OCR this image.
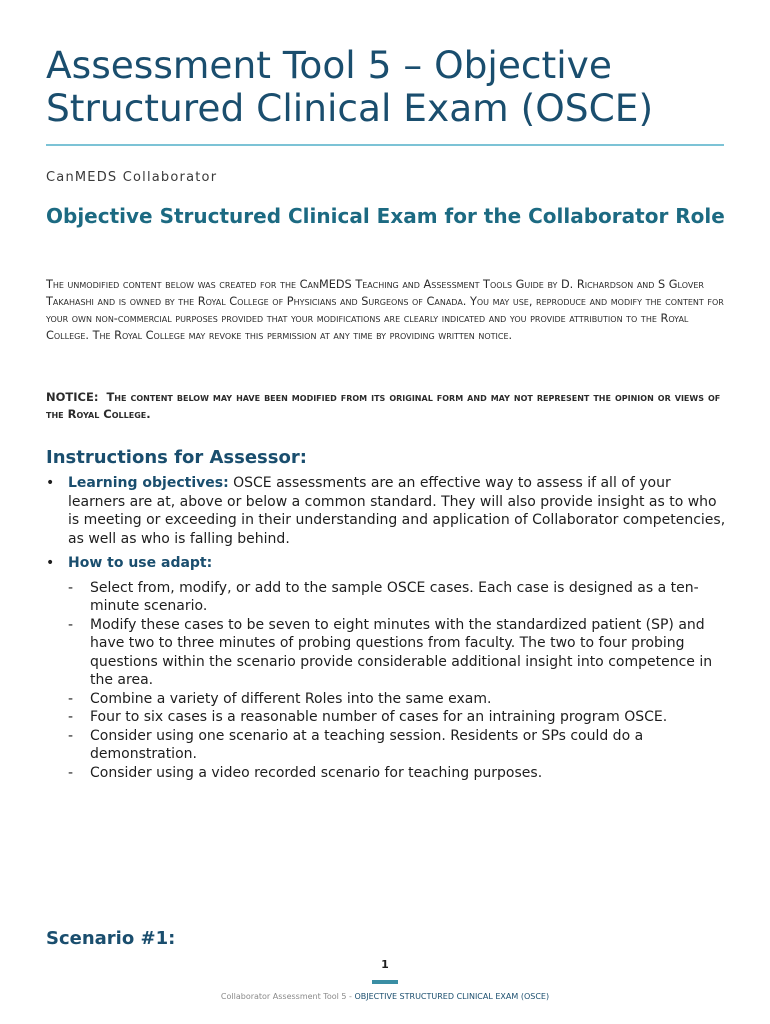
Assessment Tool 5 – Objective Structured Clinical Exam (OSCE)
CanMEDS Collaborator
Objective Structured Clinical Exam for the Collaborator Role
The unmodified content below was created for the CanMEDS Teaching and Assessment Tools Guide by D. Richardson and S Glover Takahashi and is owned by the Royal College of Physicians and Surgeons of Canada. You may use, reproduce and modify the content for your own non-commercial purposes provided that your modifications are clearly indicated and you provide attribution to the Royal College. The Royal College may revoke this permission at any time by providing written notice.
NOTICE: The content below may have been modified from its original form and may not represent the opinion or views of the Royal College.
Instructions for Assessor:
• Learning objectives: OSCE assessments are an effective way to assess if all of your learners are at, above or below a common standard. They will also provide insight as to who is meeting or exceeding in their understanding and application of Collaborator competencies, as well as who is falling behind.
• How to use adapt:
- Select from, modify, or add to the sample OSCE cases. Each case is designed as a ten-minute scenario.
- Modify these cases to be seven to eight minutes with the standardized patient (SP) and have two to three minutes of probing questions from faculty. The two to four probing questions within the scenario provide considerable additional insight into competence in the area.
- Combine a variety of different Roles into the same exam.
- Four to six cases is a reasonable number of cases for an intraining program OSCE.
- Consider using one scenario at a teaching session. Residents or SPs could do a demonstration.
- Consider using a video recorded scenario for teaching purposes.
Scenario #1:
1
Collaborator Assessment Tool 5 - OBJECTIVE STRUCTURED CLINICAL EXAM (OSCE)
